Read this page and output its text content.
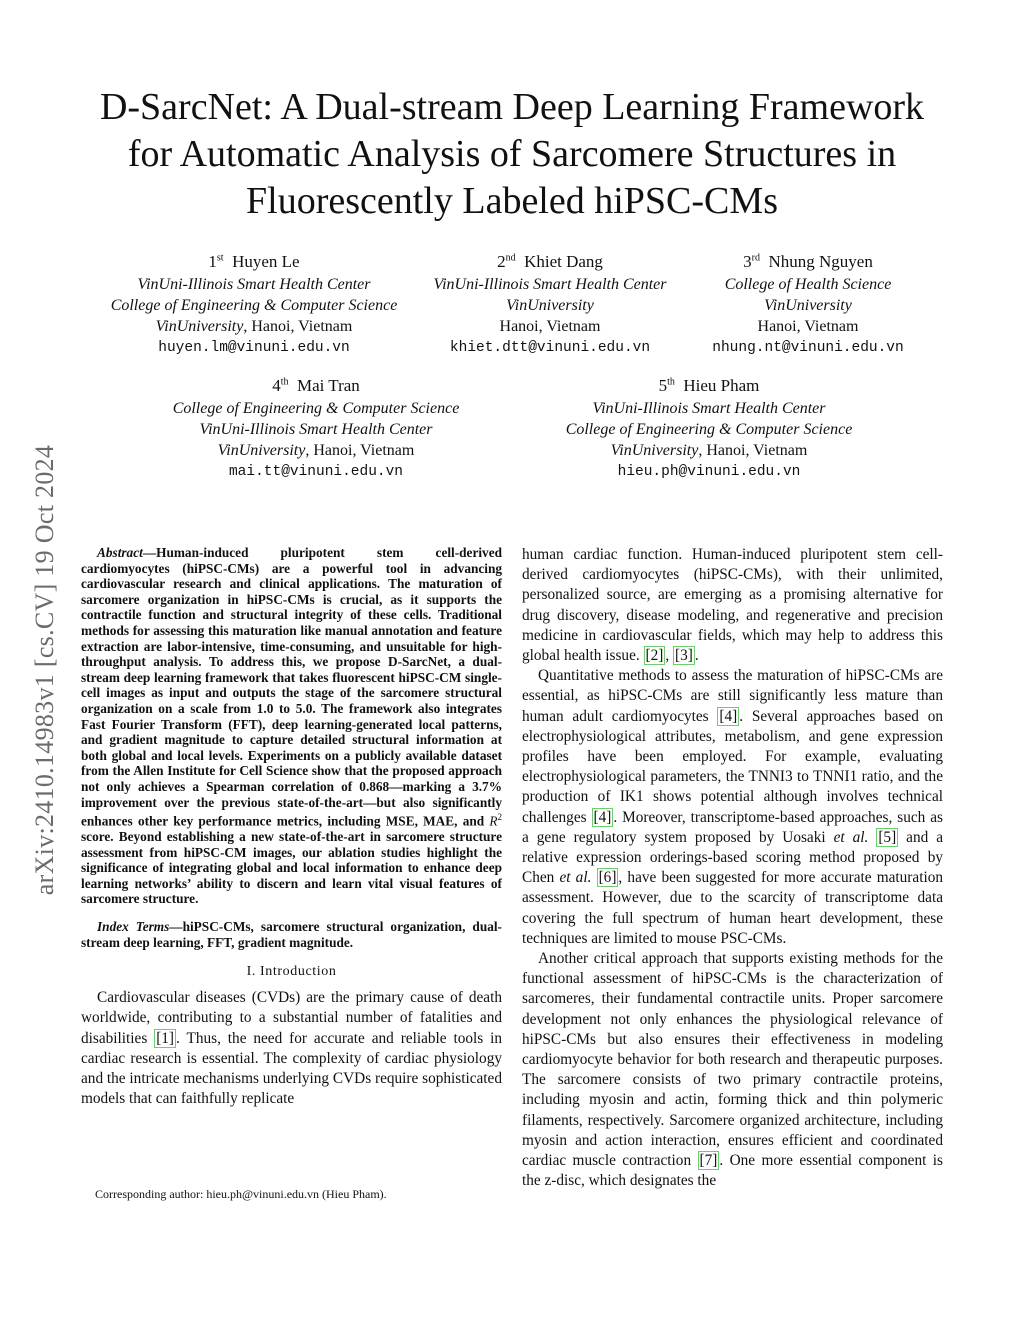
arXiv:2410.14983v1 [cs.CV] 19 Oct 2024
D-SarcNet: A Dual-stream Deep Learning Framework for Automatic Analysis of Sarcomere Structures in Fluorescently Labeled hiPSC-CMs
1st Huyen Le
VinUni-Illinois Smart Health Center
College of Engineering & Computer Science
VinUniversity, Hanoi, Vietnam
huyen.lm@vinuni.edu.vn
2nd Khiet Dang
VinUni-Illinois Smart Health Center
VinUniversity
Hanoi, Vietnam
khiet.dtt@vinuni.edu.vn
3rd Nhung Nguyen
College of Health Science
VinUniversity
Hanoi, Vietnam
nhung.nt@vinuni.edu.vn
4th Mai Tran
College of Engineering & Computer Science
VinUni-Illinois Smart Health Center
VinUniversity, Hanoi, Vietnam
mai.tt@vinuni.edu.vn
5th Hieu Pham
VinUni-Illinois Smart Health Center
College of Engineering & Computer Science
VinUniversity, Hanoi, Vietnam
hieu.ph@vinuni.edu.vn

Abstract—Human-induced pluripotent stem cell-derived cardiomyocytes (hiPSC-CMs) are a powerful tool in advancing cardiovascular research and clinical applications. The maturation of sarcomere organization in hiPSC-CMs is crucial, as it supports the contractile function and structural integrity of these cells. Traditional methods for assessing this maturation like manual annotation and feature extraction are labor-intensive, time-consuming, and unsuitable for high-throughput analysis. To address this, we propose D-SarcNet, a dual-stream deep learning framework that takes fluorescent hiPSC-CM single-cell images as input and outputs the stage of the sarcomere structural organization on a scale from 1.0 to 5.0. The framework also integrates Fast Fourier Transform (FFT), deep learning-generated local patterns, and gradient magnitude to capture detailed structural information at both global and local levels. Experiments on a publicly available dataset from the Allen Institute for Cell Science show that the proposed approach not only achieves a Spearman correlation of 0.868—marking a 3.7% improvement over the previous state-of-the-art—but also significantly enhances other key performance metrics, including MSE, MAE, and $R^2$ score. Beyond establishing a new state-of-the-art in sarcomere structure assessment from hiPSC-CM images, our ablation studies highlight the significance of integrating global and local information to enhance deep learning networks’ ability to discern and learn vital visual features of sarcomere structure.

Index Terms—hiPSC-CMs, sarcomere structural organization, dual-stream deep learning, FFT, gradient magnitude.

I. Introduction

Cardiovascular diseases (CVDs) are the primary cause of death worldwide, contributing to a substantial number of fatalities and disabilities [1] . Thus, the need for accurate and reliable tools in cardiac research is essential. The complexity of cardiac physiology and the intricate mechanisms underlying CVDs require sophisticated models that can faithfully replicate

Corresponding author: hieu.ph@vinuni.edu.vn (Hieu Pham).

human cardiac function. Human-induced pluripotent stem cell-derived cardiomyocytes (hiPSC-CMs), with their unlimited, personalized source, are emerging as a promising alternative for drug discovery, disease modeling, and regenerative and precision medicine in cardiovascular fields, which may help to address this global health issue. [2] , [3] .

Quantitative methods to assess the maturation of hiPSC-CMs are essential, as hiPSC-CMs are still significantly less mature than human adult cardiomyocytes [4] . Several approaches based on electrophysiological attributes, metabolism, and gene expression profiles have been employed. For example, evaluating electrophysiological parameters, the TNNI3 to TNNI1 ratio, and the production of IK1 shows potential although involves technical challenges [4] . Moreover, transcriptome-based approaches, such as a gene regulatory system proposed by Uosaki et al. [5] and a relative expression orderings-based scoring method proposed by Chen et al. [6] , have been suggested for more accurate maturation assessment. However, due to the scarcity of transcriptome data covering the full spectrum of human heart development, these techniques are limited to mouse PSC-CMs.

Another critical approach that supports existing methods for the functional assessment of hiPSC-CMs is the characterization of sarcomeres, their fundamental contractile units. Proper sarcomere development not only enhances the physiological relevance of hiPSC-CMs but also ensures their effectiveness in modeling cardiomyocyte behavior for both research and therapeutic purposes. The sarcomere consists of two primary contractile proteins, including myosin and actin, forming thick and thin polymeric filaments, respectively. Sarcomere organized architecture, including myosin and action interaction, ensures efficient and coordinated cardiac muscle contraction [7] . One more essential component is the z-disc, which designates the
